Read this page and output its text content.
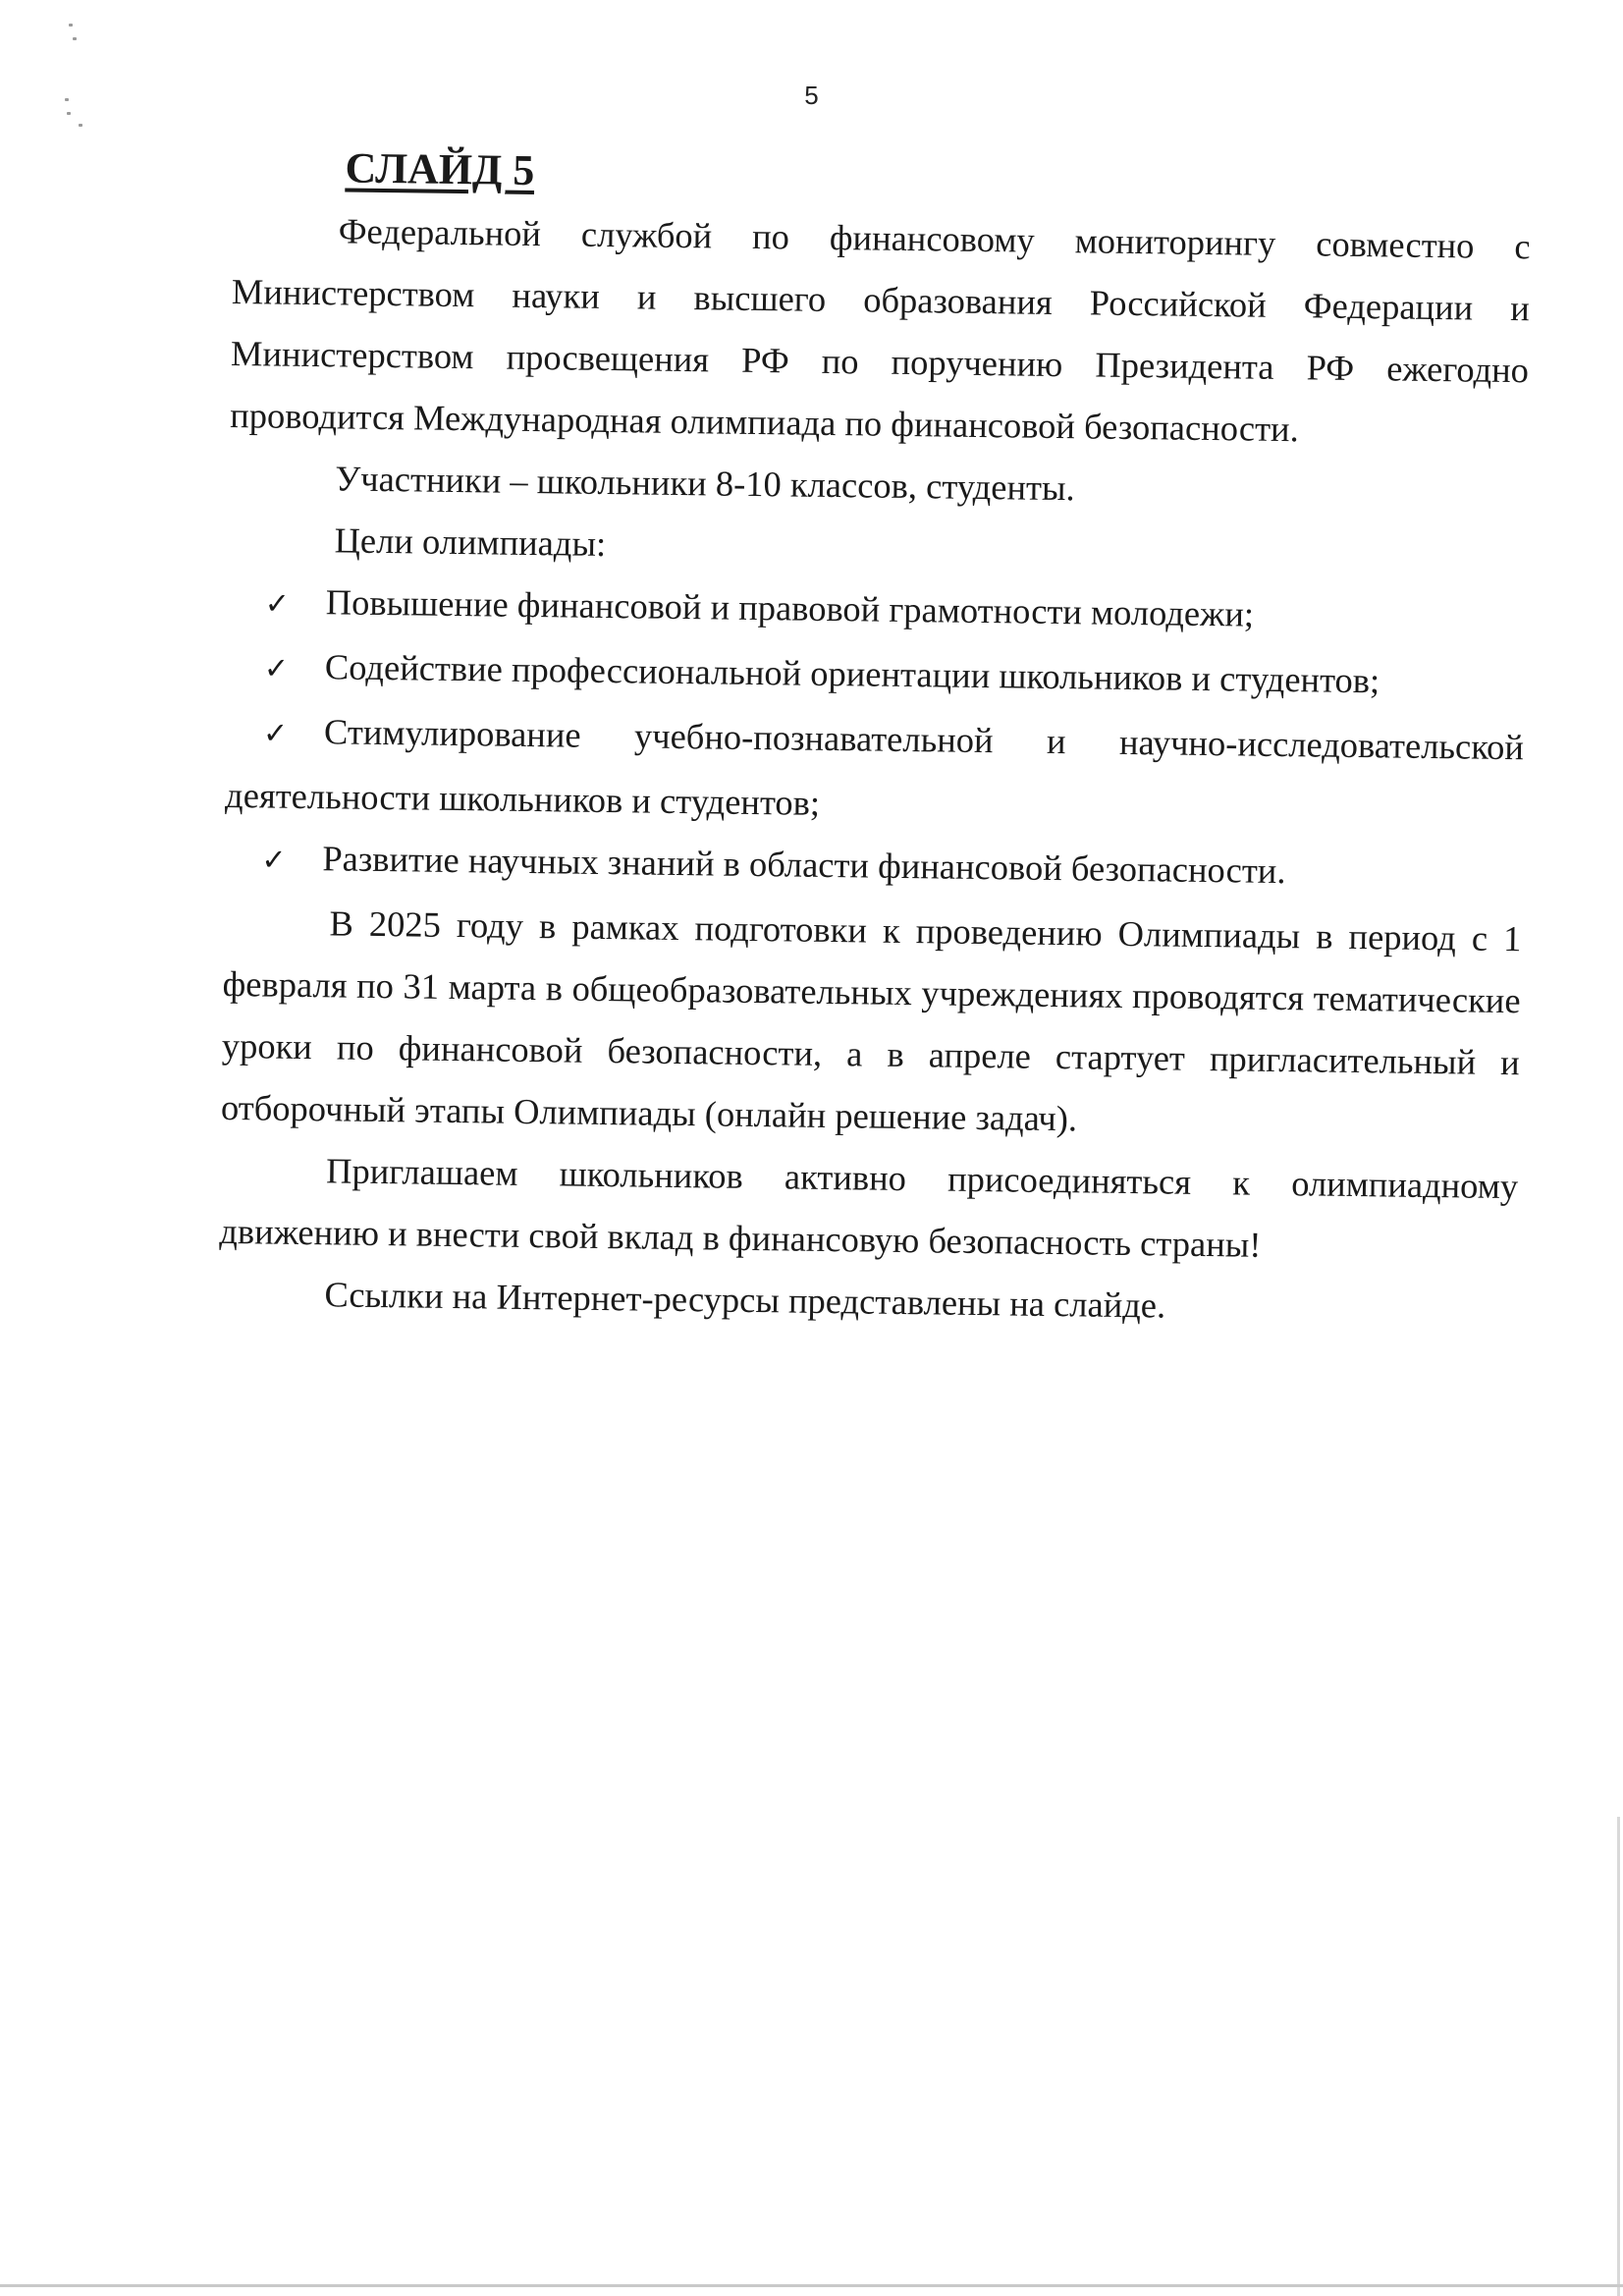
5
СЛАЙД 5

Федеральной службой по финансовому мониторингу совместно с Министерством науки и высшего образования Российской Федерации и Министерством просвещения РФ по поручению Президента РФ ежегодно проводится Международная олимпиада по финансовой безопасности.

Участники – школьники 8-10 классов, студенты.

Цели олимпиады:

✓ Повышение финансовой и правовой грамотности молодежи;
✓ Содействие профессиональной ориентации школьников и студентов;
✓ Стимулирование учебно-познавательной и научно-исследовательской деятельности школьников и студентов;
✓ Развитие научных знаний в области финансовой безопасности.

В 2025 году в рамках подготовки к проведению Олимпиады в период с 1 февраля по 31 марта в общеобразовательных учреждениях проводятся тематические уроки по финансовой безопасности, а в апреле стартует пригласительный и отборочный этапы Олимпиады (онлайн решение задач).

Приглашаем школьников активно присоединяться к олимпиадному движению и внести свой вклад в финансовую безопасность страны!

Ссылки на Интернет-ресурсы представлены на слайде.
